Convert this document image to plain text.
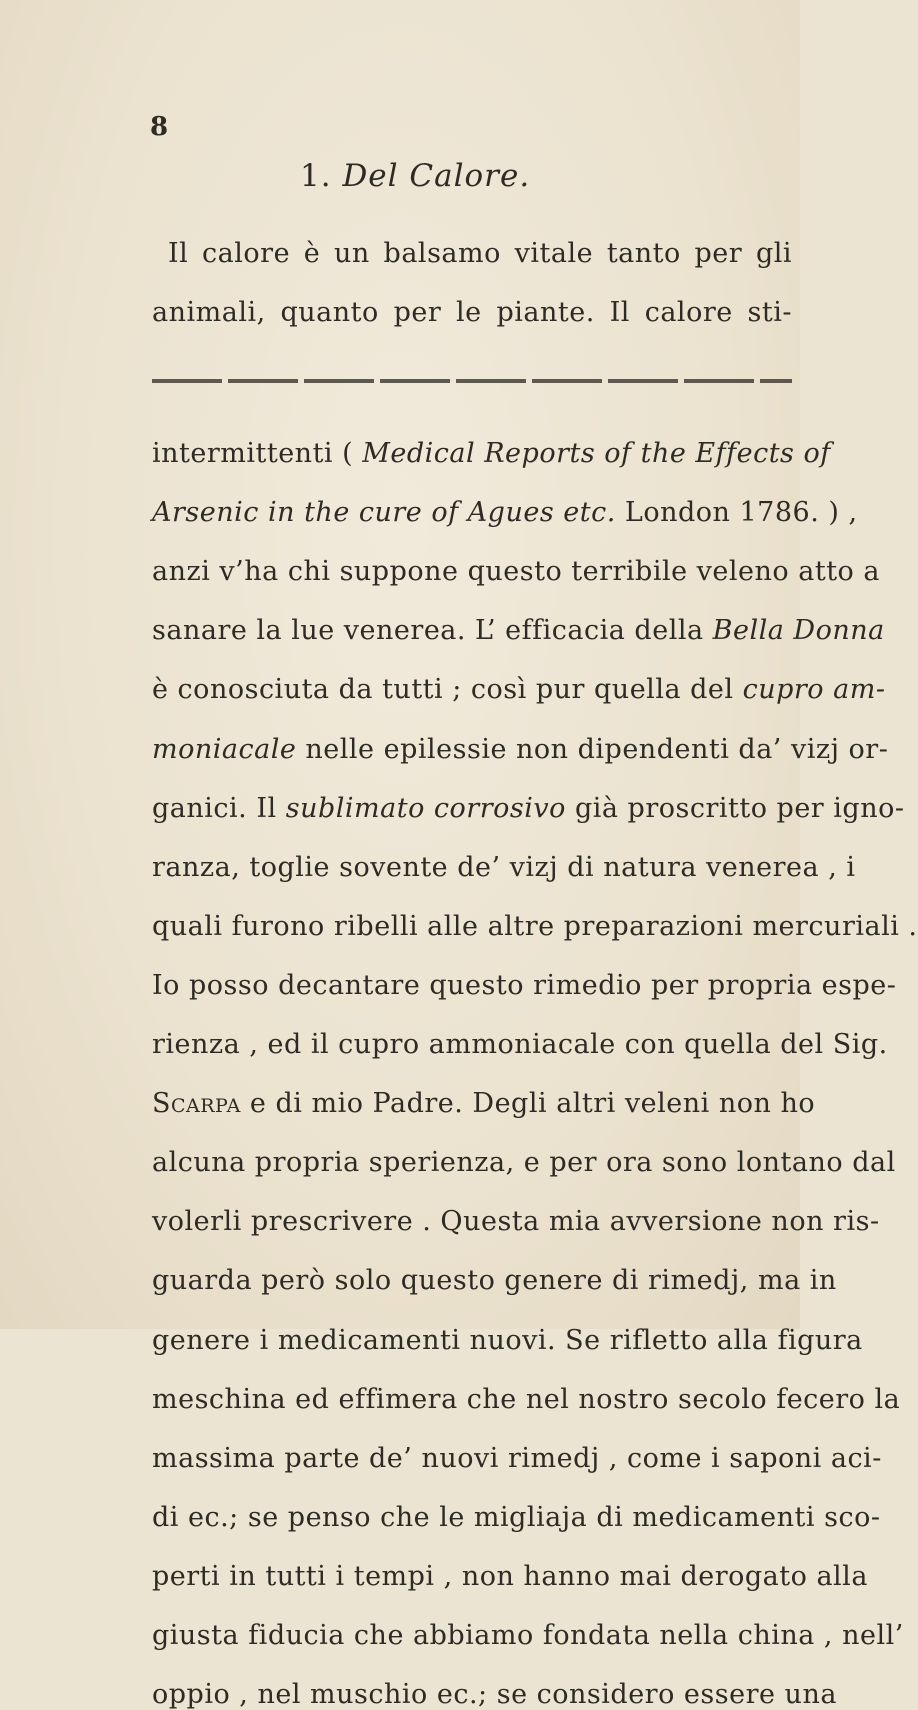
8
1. Del Calore.
Il calore è un balsamo vitale tanto per gli
animali, quanto per le piante. Il calore sti-
intermittenti ( Medical Reports of the Effects of
Arsenic in the cure of Agues etc. London 1786. ) ,
anzi v’ha chi suppone questo terribile veleno atto a
sanare la lue venerea. L’ efficacia della Bella Donna
è conosciuta da tutti ; così pur quella del cupro am-
moniacale nelle epilessie non dipendenti da’ vizj or-
ganici. Il sublimato corrosivo già proscritto per igno-
ranza, toglie sovente de’ vizj di natura venerea , i
quali furono ribelli alle altre preparazioni mercuriali .
Io posso decantare questo rimedio per propria espe-
rienza , ed il cupro ammoniacale con quella del Sig.
Scarpa e di mio Padre. Degli altri veleni non ho
alcuna propria sperienza, e per ora sono lontano dal
volerli prescrivere . Questa mia avversione non ris-
guarda però solo questo genere di rimedj, ma in
genere i medicamenti nuovi. Se rifletto alla figura
meschina ed effimera che nel nostro secolo fecero la
massima parte de’ nuovi rimedj , come i saponi aci-
di ec.; se penso che le migliaja di medicamenti sco-
perti in tutti i tempi , non hanno mai derogato alla
giusta fiducia che abbiamo fondata nella china , nell’
oppio , nel muschio ec.; se considero essere una
